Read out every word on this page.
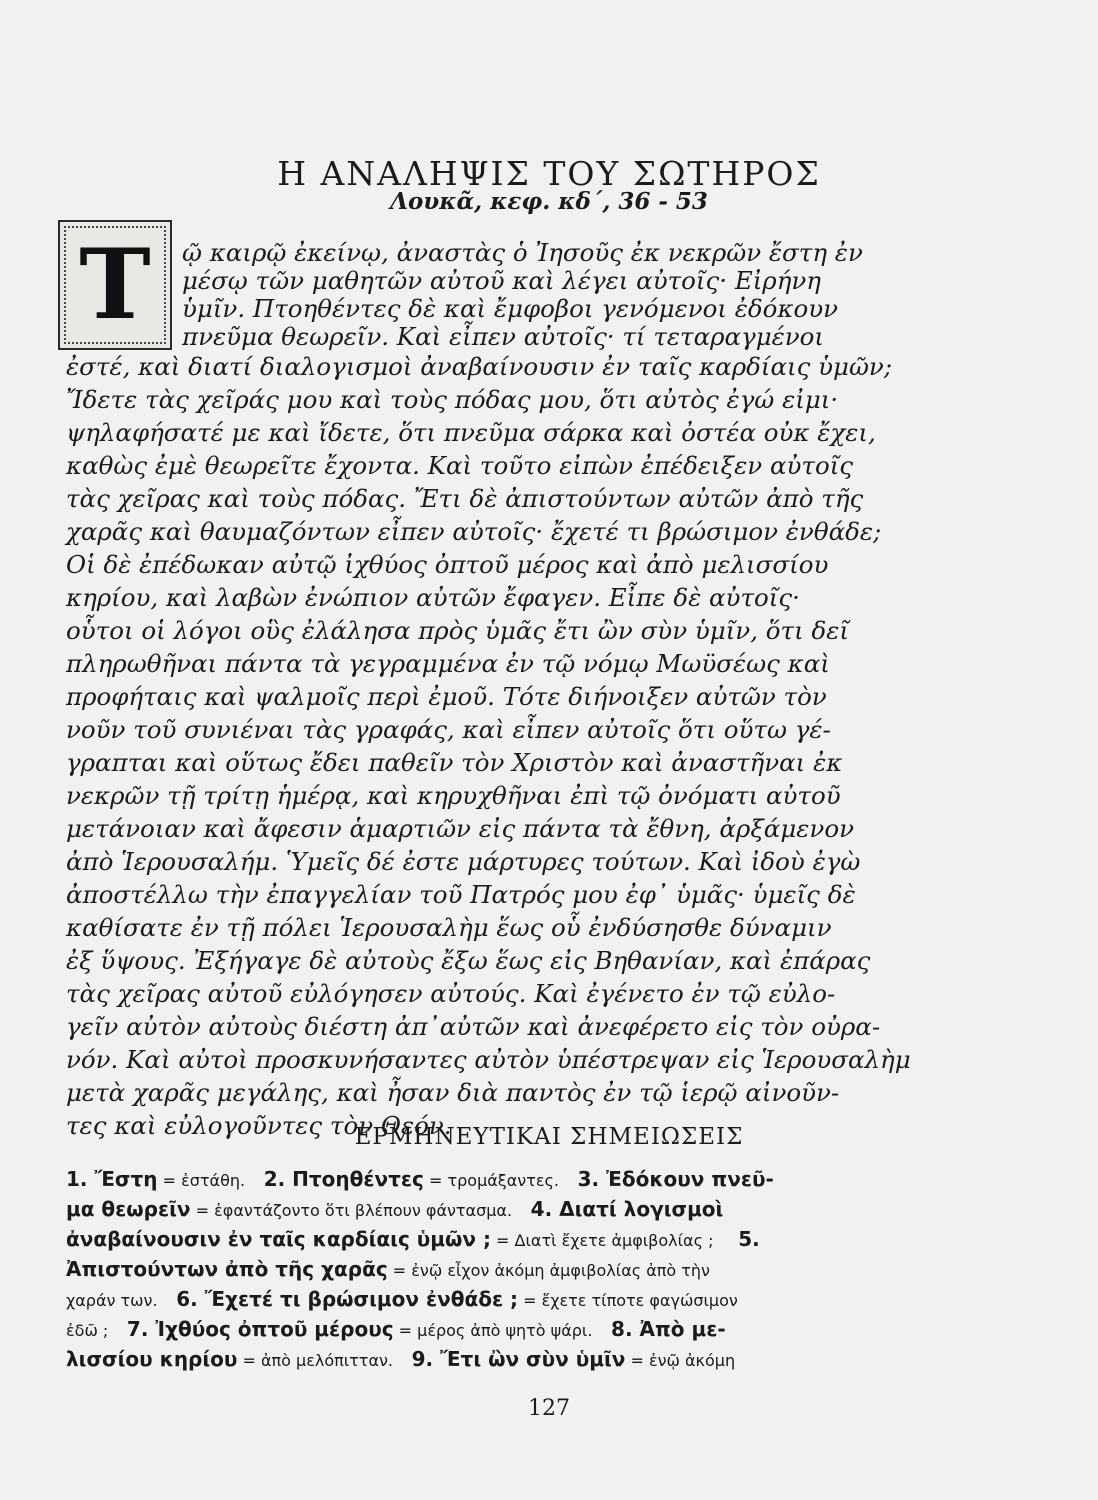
Η ΑΝΑΛΗΨΙΣ ΤΟΥ ΣΩΤΗΡΟΣ
Λουκᾶ, κεφ. κδ΄, 36 - 53
Τ ῷ καιρῷ ἐκείνῳ, ἀναστὰς ὁ Ἰησοῦς ἐκ νεκρῶν ἔστη ἐν
μέσῳ τῶν μαθητῶν αὐτοῦ καὶ λέγει αὐτοῖς· Εἰρήνη
ὑμῖν. Πτοηθέντες δὲ καὶ ἔμφοβοι γενόμενοι ἐδόκουν
πνεῦμα θεωρεῖν. Καὶ εἶπεν αὐτοῖς· τί τεταραγμένοι
ἐστέ, καὶ διατί διαλογισμοὶ ἀναβαίνουσιν ἐν ταῖς καρδίαις ὑμῶν;
Ἴδετε τὰς χεῖράς μου καὶ τοὺς πόδας μου, ὅτι αὐτὸς ἐγώ εἰμι·
ψηλαφήσατέ με καὶ ἴδετε, ὅτι πνεῦμα σάρκα καὶ ὀστέα οὐκ ἔχει,
καθὼς ἐμὲ θεωρεῖτε ἔχοντα. Καὶ τοῦτο εἰπὼν ἐπέδειξεν αὐτοῖς
τὰς χεῖρας καὶ τοὺς πόδας. Ἔτι δὲ ἀπιστούντων αὐτῶν ἀπὸ τῆς
χαρᾶς καὶ θαυμαζόντων εἶπεν αὐτοῖς· ἔχετέ τι βρώσιμον ἐνθάδε;
Οἱ δὲ ἐπέδωκαν αὐτῷ ἰχθύος ὀπτοῦ μέρος καὶ ἀπὸ μελισσίου
κηρίου, καὶ λαβὼν ἐνώπιον αὐτῶν ἔφαγεν. Εἶπε δὲ αὐτοῖς·
οὗτοι οἱ λόγοι οὓς ἐλάλησα πρὸς ὑμᾶς ἔτι ὢν σὺν ὑμῖν, ὅτι δεῖ
πληρωθῆναι πάντα τὰ γεγραμμένα ἐν τῷ νόμῳ Μωϋσέως καὶ
προφήταις καὶ ψαλμοῖς περὶ ἐμοῦ. Τότε διήνοιξεν αὐτῶν τὸν
νοῦν τοῦ συνιέναι τὰς γραφάς, καὶ εἶπεν αὐτοῖς ὅτι οὕτω γέ-
γραπται καὶ οὕτως ἔδει παθεῖν τὸν Χριστὸν καὶ ἀναστῆναι ἐκ
νεκρῶν τῇ τρίτῃ ἡμέρᾳ, καὶ κηρυχθῆναι ἐπὶ τῷ ὀνόματι αὐτοῦ
μετάνοιαν καὶ ἄφεσιν ἁμαρτιῶν εἰς πάντα τὰ ἔθνη, ἀρξάμενον
ἀπὸ Ἱερουσαλήμ. Ὑμεῖς δέ ἐστε μάρτυρες τούτων. Καὶ ἰδοὺ ἐγὼ
ἀποστέλλω τὴν ἐπαγγελίαν τοῦ Πατρός μου ἐφ᾽ ὑμᾶς· ὑμεῖς δὲ
καθίσατε ἐν τῇ πόλει Ἱερουσαλὴμ ἕως οὗ ἐνδύσησθε δύναμιν
ἐξ ὕψους. Ἐξήγαγε δὲ αὐτοὺς ἔξω ἕως εἰς Βηθανίαν, καὶ ἐπάρας
τὰς χεῖρας αὐτοῦ εὐλόγησεν αὐτούς. Καὶ ἐγένετο ἐν τῷ εὐλο-
γεῖν αὐτὸν αὐτοὺς διέστη ἀπ᾽αὐτῶν καὶ ἀνεφέρετο εἰς τὸν οὐρα-
νόν. Καὶ αὐτοὶ προσκυνήσαντες αὐτὸν ὑπέστρεψαν εἰς Ἱερουσαλὴμ
μετὰ χαρᾶς μεγάλης, καὶ ἦσαν διὰ παντὸς ἐν τῷ ἱερῷ αἰνοῦν-
τες καὶ εὐλογοῦντες τὸν Θεόν.
ΕΡΜΗΝΕΥΤΙΚΑΙ ΣΗΜΕΙΩΣΕΙΣ
1. Ἔστη = ἐστάθη. 2. Πτοηθέντες = τρομάξαντες. 3. Ἐδόκουν πνεῦ-
μα θεωρεῖν = ἐφαντάζοντο ὅτι βλέπουν φάντασμα. 4. Διατί λογισμοὶ
ἀναβαίνουσιν ἐν ταῖς καρδίαις ὑμῶν ; = Διατὶ ἔχετε ἀμφιβολίας ; 5.
Ἀπιστούντων ἀπὸ τῆς χαρᾶς = ἐνῷ εἶχον ἀκόμη ἀμφιβολίας ἀπὸ τὴν
χαράν των. 6. Ἔχετέ τι βρώσιμον ἐνθάδε ; = ἔχετε τίποτε φαγώσιμον
ἐδῶ ; 7. Ἰχθύος ὀπτοῦ μέρους = μέρος ἀπὸ ψητὸ ψάρι. 8. Ἀπὸ με-
λισσίου κηρίου = ἀπὸ μελόπιτταν. 9. Ἔτι ὢν σὺν ὑμῖν = ἐνῷ ἀκόμη
127
